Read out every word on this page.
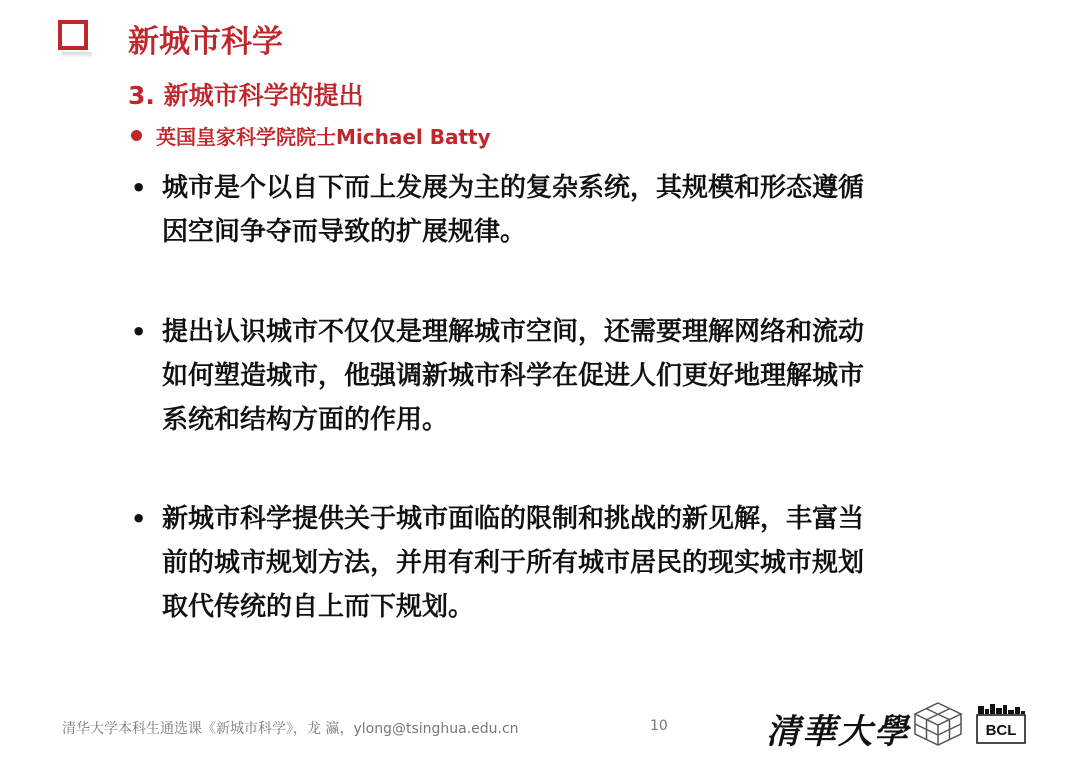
新城市科学
3. 新城市科学的提出
英国皇家科学院院士Michael Batty
• 城市是个以自下而上发展为主的复杂系统，其规模和形态遵循
因空间争夺而导致的扩展规律。
• 提出认识城市不仅仅是理解城市空间，还需要理解网络和流动
如何塑造城市，他强调新城市科学在促进人们更好地理解城市
系统和结构方面的作用。
• 新城市科学提供关于城市面临的限制和挑战的新见解，丰富当
前的城市规划方法，并用有利于所有城市居民的现实城市规划
取代传统的自上而下规划。
清华大学本科生通选课《新城市科学》，龙 瀛，ylong@tsinghua.edu.cn	10	清華大學	BCL
